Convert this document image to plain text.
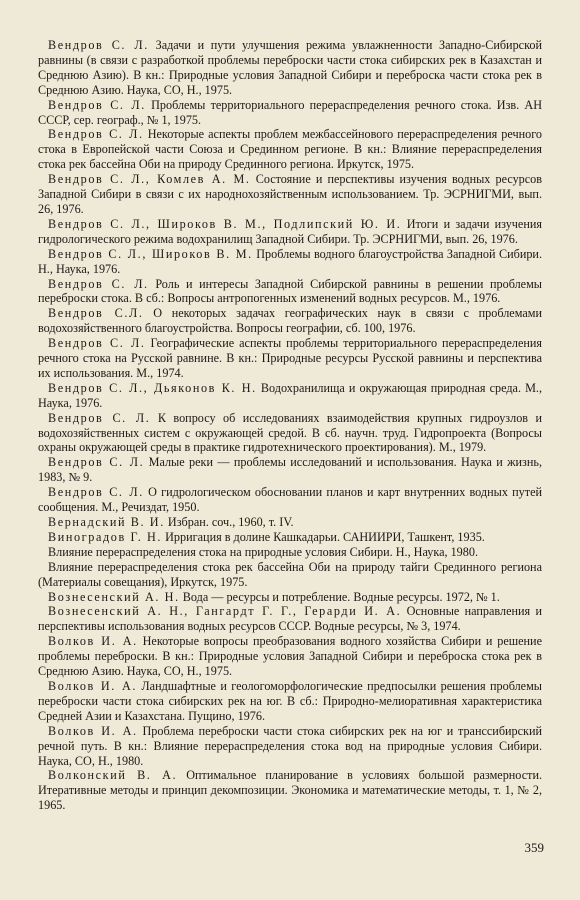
Вендров С. Л. Задачи и пути улучшения режима увлажненности Западно-Сибирской равнины (в связи с разработкой проблемы переброски части стока сибирских рек в Казахстан и Среднюю Азию). В кн.: Природные условия Западной Сибири и переброска части стока рек в Среднюю Азию. Наука, СО, Н., 1975.
Вендров С. Л. Проблемы территориального перераспределения речного стока. Изв. АН СССР, сер. географ., № 1, 1975.
Вендров С. Л. Некоторые аспекты проблем межбассейнового перераспределения речного стока в Европейской части Союза и Срединном регионе. В кн.: Влияние перераспределения стока рек бассейна Оби на природу Срединного региона. Иркутск, 1975.
Вендров С. Л., Комлев А. М. Состояние и перспективы изучения водных ресурсов Западной Сибири в связи с их народнохозяйственным использованием. Тр. ЭСРНИГМИ, вып. 26, 1976.
Вендров С. Л., Широков В. М., Подлипский Ю. И. Итоги и задачи изучения гидрологического режима водохранилищ Западной Сибири. Тр. ЭСРНИГМИ, вып. 26, 1976.
Вендров С. Л., Широков В. М. Проблемы водного благоустройства Западной Сибири. Н., Наука, 1976.
Вендров С. Л. Роль и интересы Западной Сибирской равнины в решении проблемы переброски стока. В сб.: Вопросы антропогенных изменений водных ресурсов. М., 1976.
Вендров С.Л. О некоторых задачах географических наук в связи с проблемами водохозяйственного благоустройства. Вопросы географии, сб. 100, 1976.
Вендров С. Л. Географические аспекты проблемы территориального перераспределения речного стока на Русской равнине. В кн.: Природные ресурсы Русской равнины и перспектива их использования. М., 1974.
Вендров С. Л., Дьяконов К. Н. Водохранилища и окружающая природная среда. М., Наука, 1976.
Вендров С. Л. К вопросу об исследованиях взаимодействия крупных гидроузлов и водохозяйственных систем с окружающей средой. В сб. научн. труд. Гидропроекта (Вопросы охраны окружающей среды в практике гидротехнического проектирования). М., 1979.
Вендров С. Л. Малые реки — проблемы исследований и использования. Наука и жизнь, 1983, № 9.
Вендров С. Л. О гидрологическом обосновании планов и карт внутренних водных путей сообщения. М., Речиздат, 1950.
Вернадский В. И. Избран. соч., 1960, т. IV.
Виноградов Г. Н. Ирригация в долине Кашкадарьи. САНИИРИ, Ташкент, 1935.
Влияние перераспределения стока на природные условия Сибири. Н., Наука, 1980.
Влияние перераспределения стока рек бассейна Оби на природу тайги Срединного региона (Материалы совещания), Иркутск, 1975.
Вознесенский А. Н. Вода — ресурсы и потребление. Водные ресурсы. 1972, № 1.
Вознесенский А. Н., Гангардт Г. Г., Герарди И. А. Основные направления и перспективы использования водных ресурсов СССР. Водные ресурсы, № 3, 1974.
Волков И. А. Некоторые вопросы преобразования водного хозяйства Сибири и решение проблемы переброски. В кн.: Природные условия Западной Сибири и переброска стока рек в Среднюю Азию. Наука, СО, Н., 1975.
Волков И. А. Ландшафтные и геологоморфологические предпосылки решения проблемы переброски части стока сибирских рек на юг. В сб.: Природно-мелиоративная характеристика Средней Азии и Казахстана. Пущино, 1976.
Волков И. А. Проблема переброски части стока сибирских рек на юг и транссибирский речной путь. В кн.: Влияние перераспределения стока вод на природные условия Сибири. Наука, СО, Н., 1980.
Волконский В. А. Оптимальное планирование в условиях большой размерности. Итеративные методы и принцип декомпозиции. Экономика и математические методы, т. 1, № 2, 1965.
359
